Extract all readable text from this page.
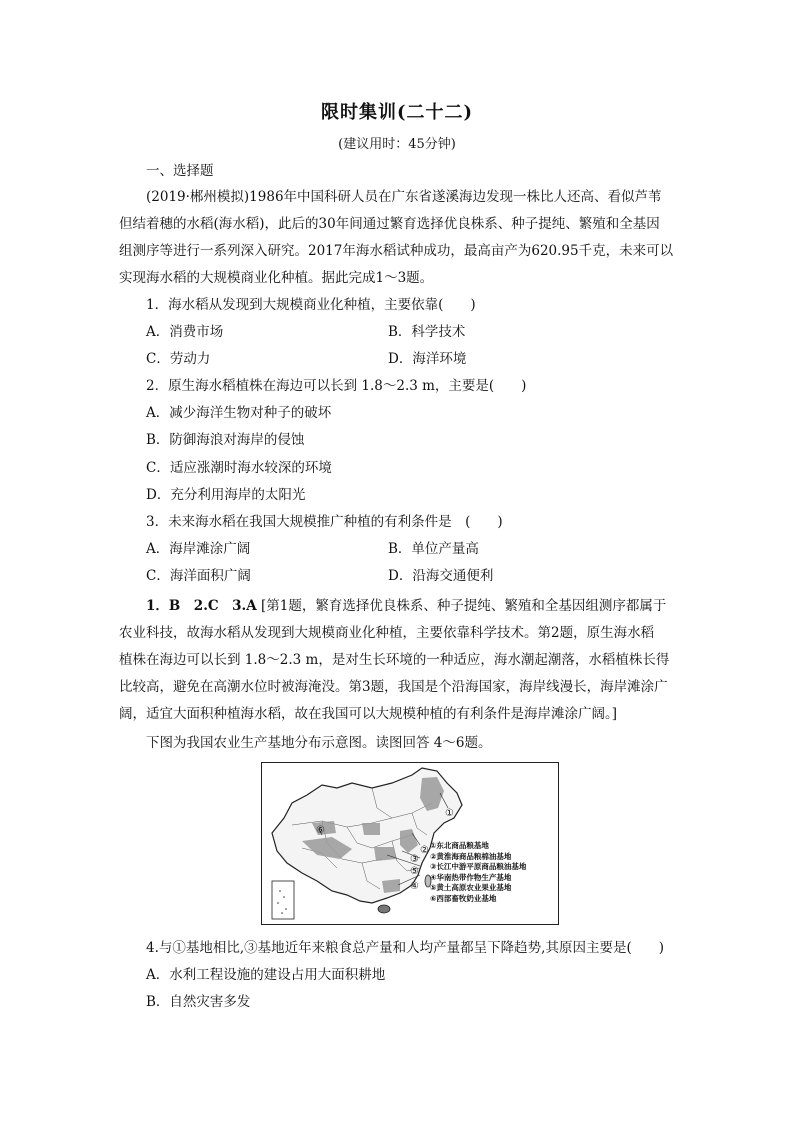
限时集训(二十二)
(建议用时：45分钟)
一、选择题
(2019·郴州模拟)1986年中国科研人员在广东省遂溪海边发现一株比人还高、看似芦苇
但结着穗的水稻(海水稻)，此后的30年间通过繁育选择优良株系、种子提纯、繁殖和全基因
组测序等进行一系列深入研究。2017年海水稻试种成功，最高亩产为620.95千克，未来可以
实现海水稻的大规模商业化种植。据此完成1～3题。
1．海水稻从发现到大规模商业化种植，主要依靠(　　)
A．消费市场	B．科学技术
C．劳动力	D．海洋环境
2．原生海水稻植株在海边可以长到 1.8～2.3 m，主要是(　　)
A．减少海洋生物对种子的破坏
B．防御海浪对海岸的侵蚀
C．适应涨潮时海水较深的环境
D．充分利用海岸的太阳光
3．未来海水稻在我国大规模推广种植的有利条件是　(　　)
A．海岸滩涂广阔	B．单位产量高
C．海洋面积广阔	D．沿海交通便利
1．B　2.C　3.A [第1题，繁育选择优良株系、种子提纯、繁殖和全基因组测序都属于
农业科技，故海水稻从发现到大规模商业化种植，主要依靠科学技术。第2题，原生海水稻
植株在海边可以长到 1.8～2.3 m，是对生长环境的一种适应，海水潮起潮落，水稻植株长得
比较高，避免在高潮水位时被海淹没。第3题，我国是个沿海国家，海岸线漫长，海岸滩涂广
阔，适宜大面积种植海水稻，故在我国可以大规模种植的有利条件是海岸滩涂广阔。]
下图为我国农业生产基地分布示意图。读图回答 4～6题。
①
②
③
④
⑤
⑥
①东北商品粮基地
②黄淮海商品粮棉油基地
③长江中游平原商品粮油基地
④华南热带作物生产基地
⑤黄土高原农业果业基地
⑥西部畜牧奶业基地
4.与①基地相比,③基地近年来粮食总产量和人均产量都呈下降趋势,其原因主要是(　　)
A．水利工程设施的建设占用大面积耕地
B．自然灾害多发
